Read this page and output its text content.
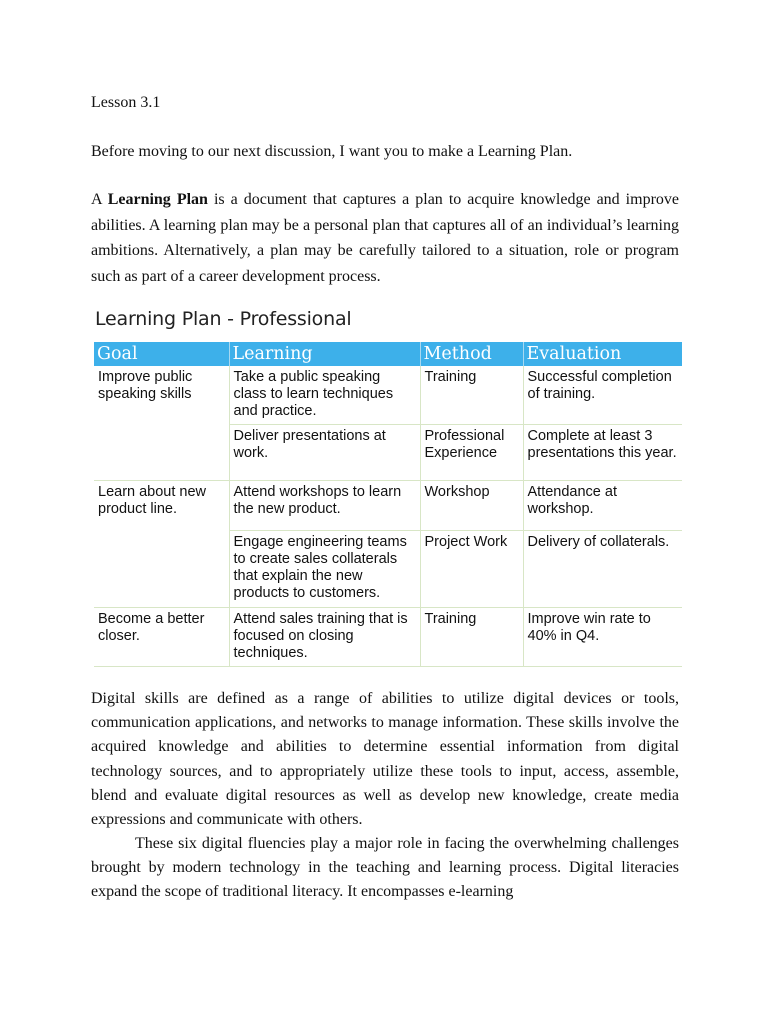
Lesson 3.1
Before moving to our next discussion, I want you to make a Learning Plan.

A Learning Plan is a document that captures a plan to acquire knowledge and improve abilities. A learning plan may be a personal plan that captures all of an individual’s learning ambitions. Alternatively, a plan may be carefully tailored to a situation, role or program such as part of a career development process.

Learning Plan - Professional
Goal	Learning	Method	Evaluation
Improve public speaking skills	Take a public speaking class to learn techniques and practice.	Training	Successful completion of training.
	Deliver presentations at work.	Professional Experience	Complete at least 3 presentations this year.
Learn about new product line.	Attend workshops to learn the new product.	Workshop	Attendance at workshop.
	Engage engineering teams to create sales collaterals that explain the new products to customers.	Project Work	Delivery of collaterals.
Become a better closer.	Attend sales training that is focused on closing techniques.	Training	Improve win rate to 40% in Q4.

Digital skills are defined as a range of abilities to utilize digital devices or tools, communication applications, and networks to manage information. These skills involve the acquired knowledge and abilities to determine essential information from digital technology sources, and to appropriately utilize these tools to input, access, assemble, blend and evaluate digital resources as well as develop new knowledge, create media expressions and communicate with others.

These six digital fluencies play a major role in facing the overwhelming challenges brought by modern technology in the teaching and learning process. Digital literacies expand the scope of traditional literacy. It encompasses e-learning
